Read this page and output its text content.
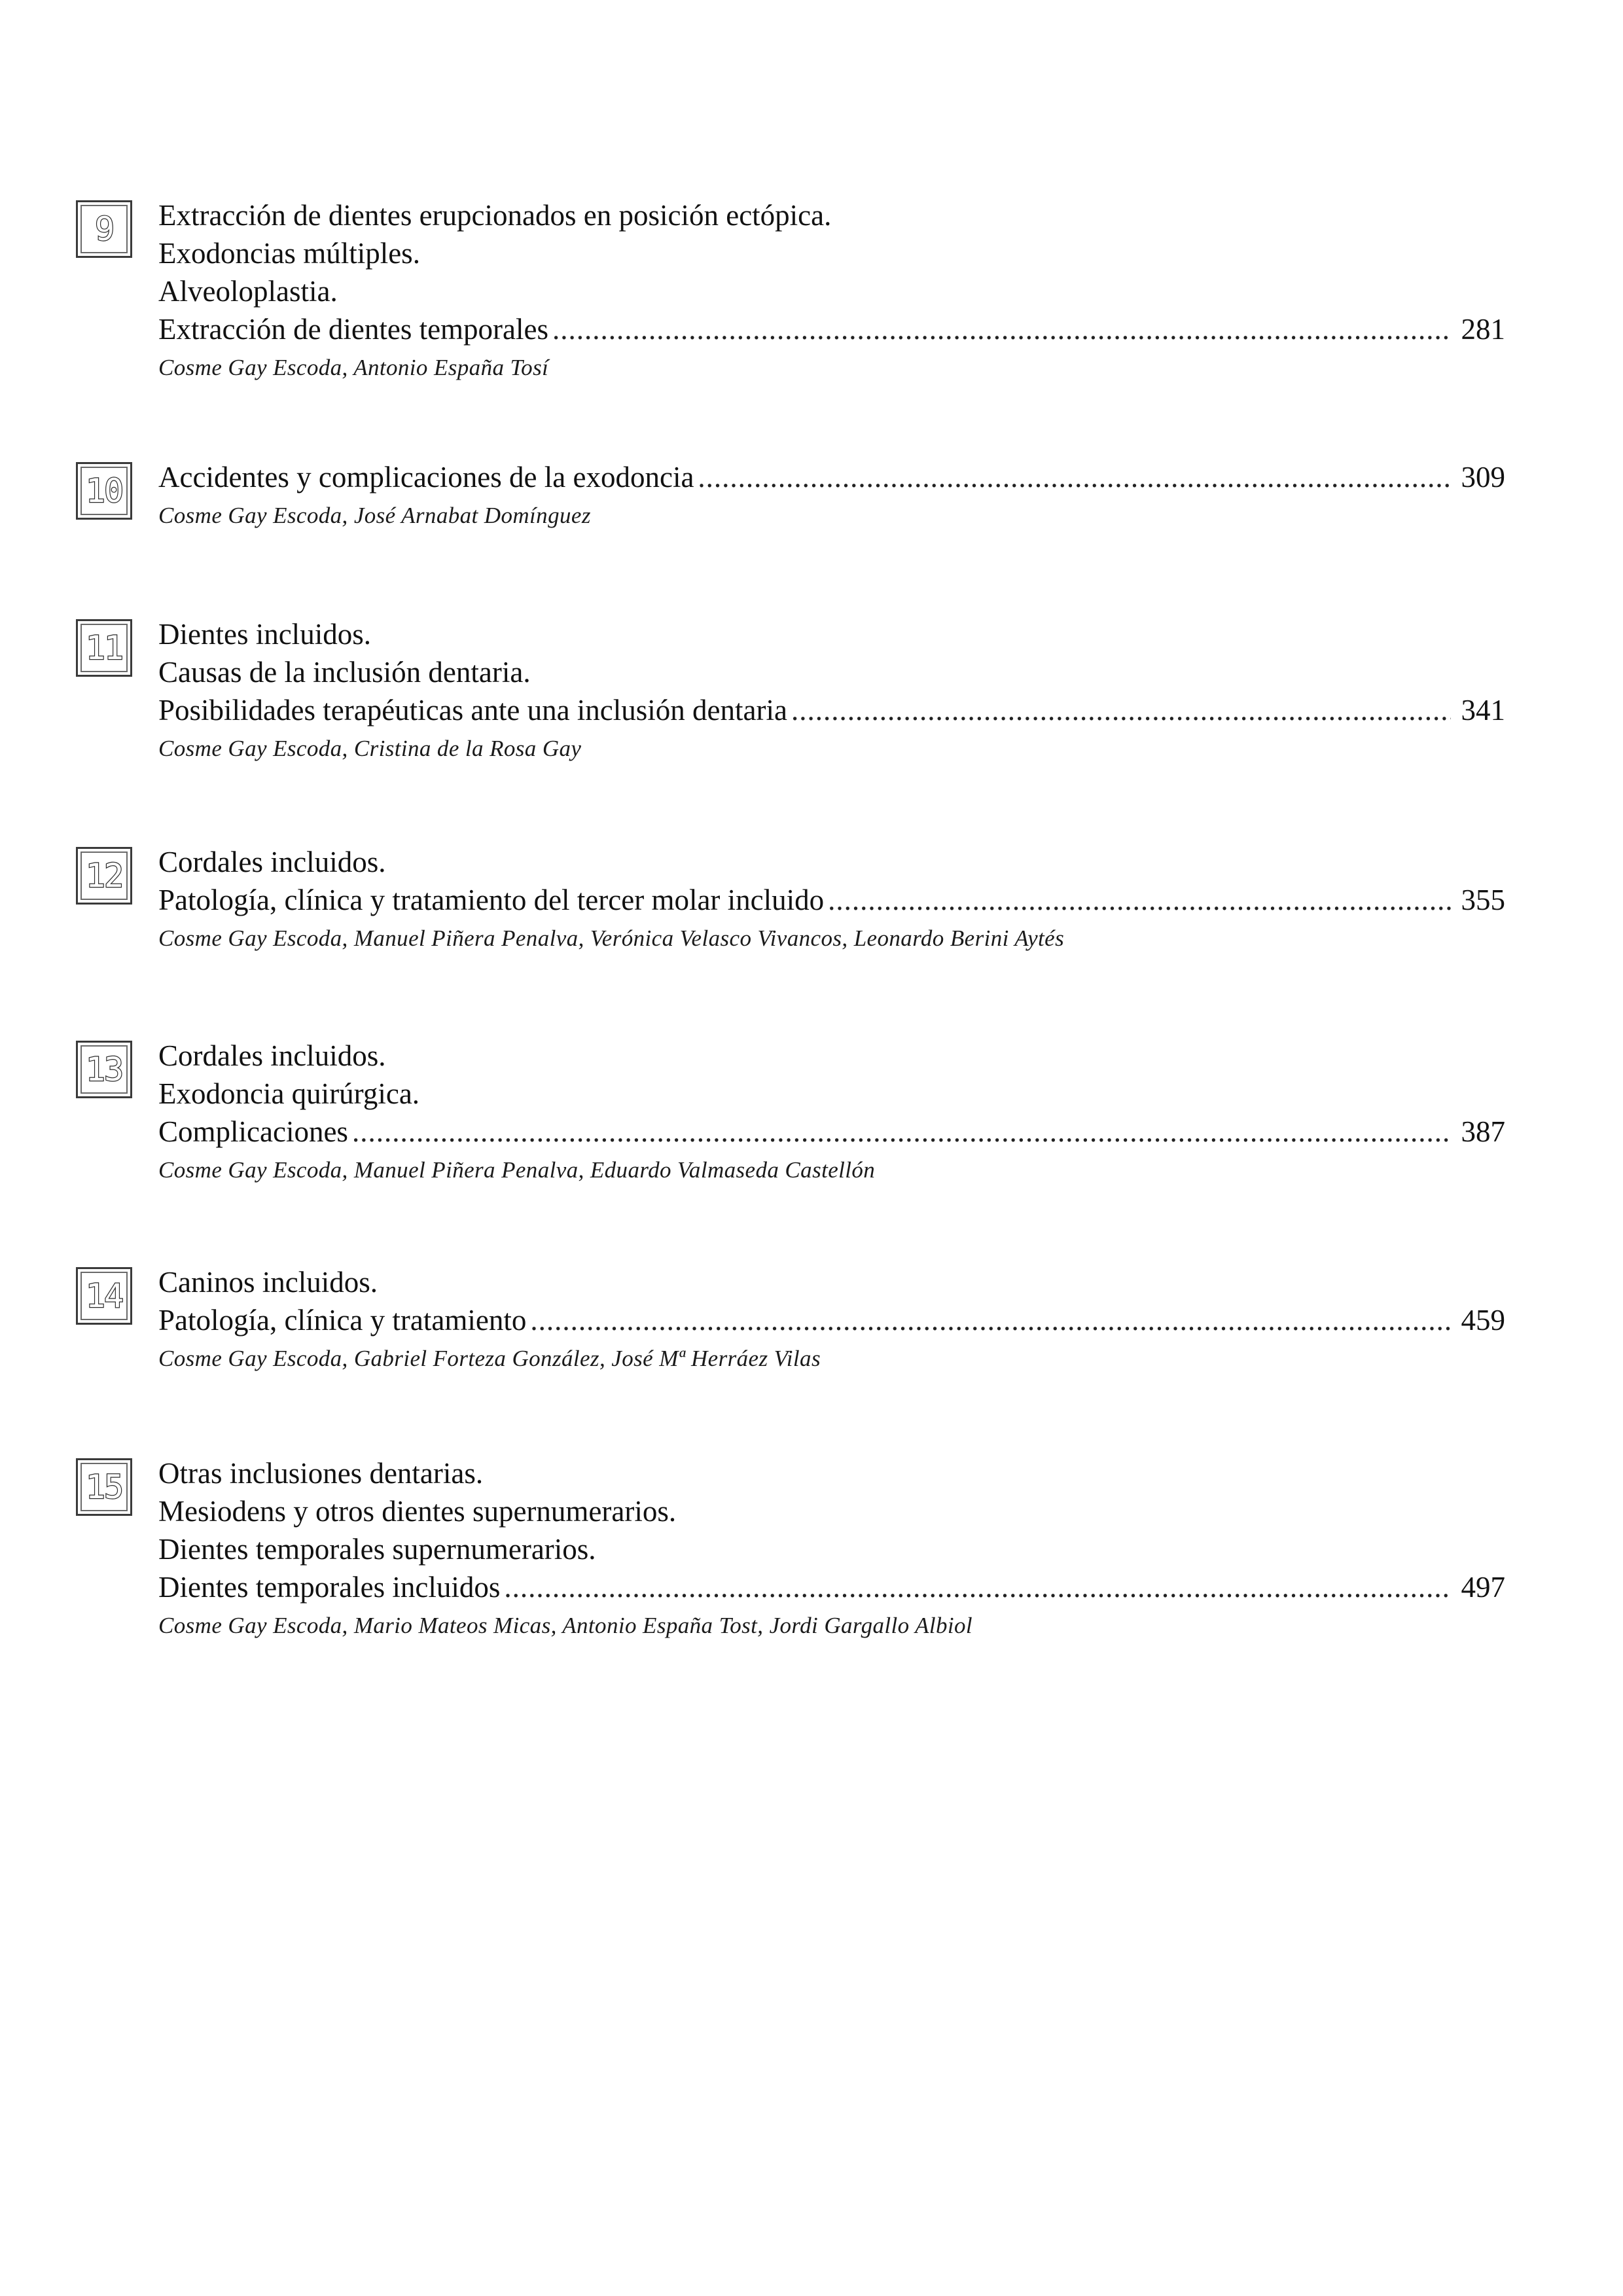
9 Extracción de dientes erupcionados en posición ectópica.
Exodoncias múltiples.
Alveoloplastia.
Extracción de dientes temporales .....	281
Cosme Gay Escoda, Antonio España Tosí
10 Accidentes y complicaciones de la exodoncia .....	309
Cosme Gay Escoda, José Arnabat Domínguez
11 Dientes incluidos.
Causas de la inclusión dentaria.
Posibilidades terapéuticas ante una inclusión dentaria .....	341
Cosme Gay Escoda, Cristina de la Rosa Gay
12 Cordales incluidos.
Patología, clínica y tratamiento del tercer molar incluido .....	355
Cosme Gay Escoda, Manuel Piñera Penalva, Verónica Velasco Vivancos, Leonardo Berini Aytés
13 Cordales incluidos.
Exodoncia quirúrgica.
Complicaciones .....	387
Cosme Gay Escoda, Manuel Piñera Penalva, Eduardo Valmaseda Castellón
14 Caninos incluidos.
Patología, clínica y tratamiento .....	459
Cosme Gay Escoda, Gabriel Forteza González, José Mª Herráez Vilas
15 Otras inclusiones dentarias.
Mesiodens y otros dientes supernumerarios.
Dientes temporales supernumerarios.
Dientes temporales incluidos .....	497
Cosme Gay Escoda, Mario Mateos Micas, Antonio España Tost, Jordi Gargallo Albiol
